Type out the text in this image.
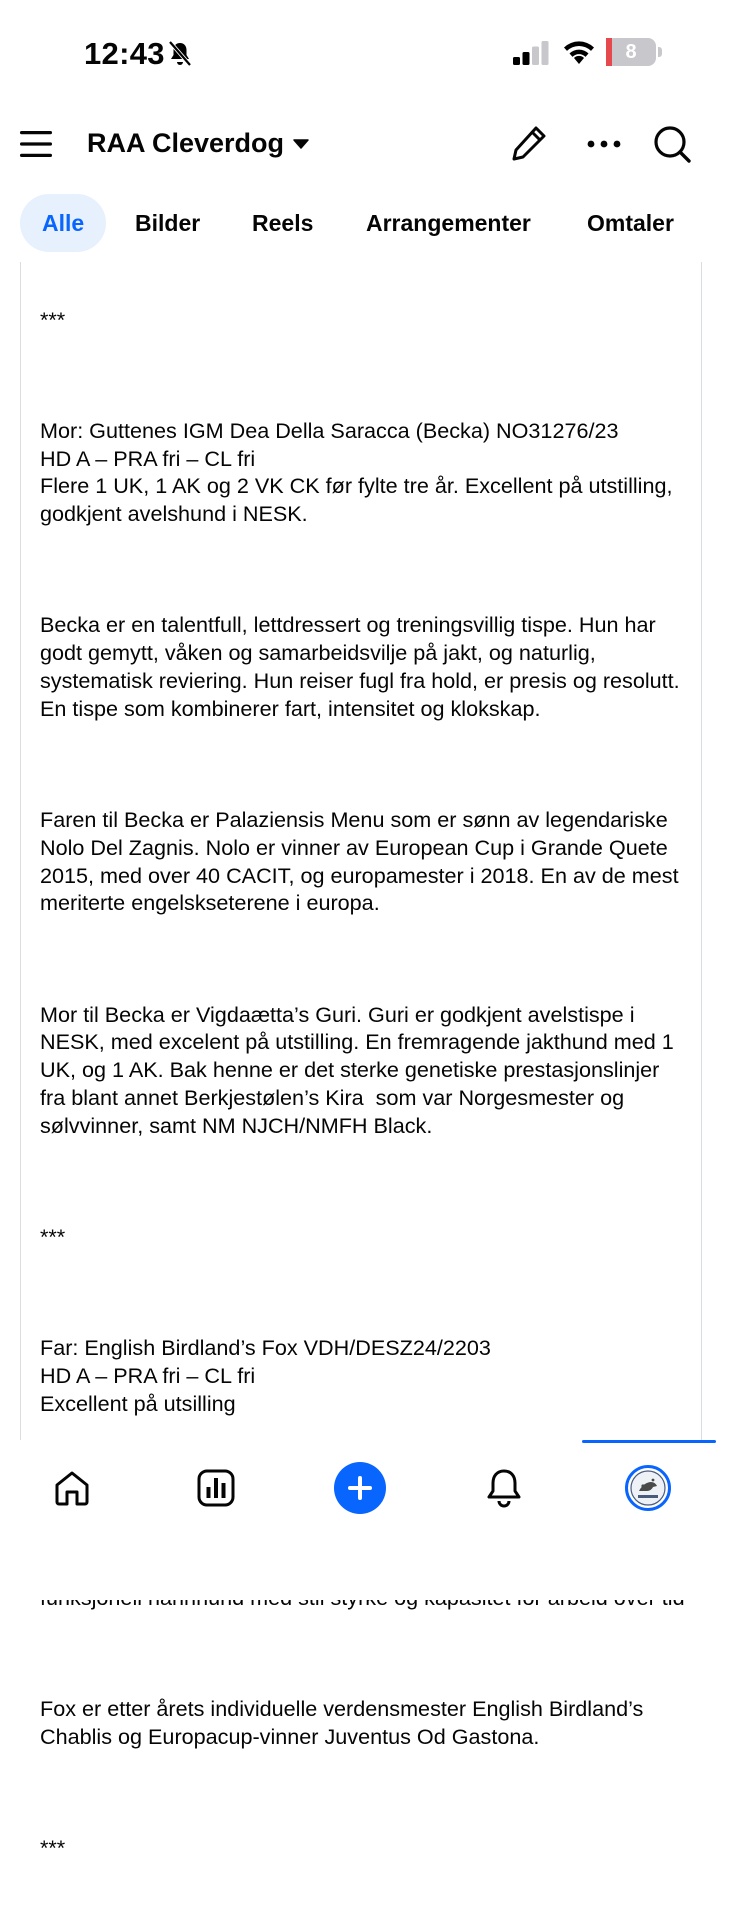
12:43	8
RAA Cleverdog
Alle	Bilder Reels Arrangementer Omtaler

***

Mor: Guttenes IGM Dea Della Saracca (Becka) NO31276/23
HD A – PRA fri – CL fri
Flere 1 UK, 1 AK og 2 VK CK før fylte tre år. Excellent på utstilling, godkjent avelshund i NESK.

Becka er en talentfull, lettdressert og treningsvillig tispe. Hun har godt gemytt, våken og samarbeidsvilje på jakt, og naturlig, systematisk reviering. Hun reiser fugl fra hold, er presis og resolutt. En tispe som kombinerer fart, intensitet og klokskap.

Faren til Becka er Palaziensis Menu som er sønn av legendariske Nolo Del Zagnis. Nolo er vinner av European Cup i Grande Quete 2015, med over 40 CACIT, og europamester i 2018. En av de mest meriterte engelskseterene i europa.

Mor til Becka er Vigdaætta’s Guri. Guri er godkjent avelstispe i NESK, med excelent på utstilling. En fremragende jakthund med 1 UK, og 1 AK. Bak henne er det sterke genetiske prestasjonslinjer fra blant annet Berkjestølen’s Kira  som var Norgesmester og sølvvinner, samt NM NJCH/NMFH Black.

***

Far: English Birdland’s Fox VDH/DESZ24/2203
HD A – PRA fri – CL fri
Excellent på utsilling

Fox er etter årets individuelle verdensmester English Birdland’s Chablis og Europacup-vinner Juventus Od Gastona.

***
